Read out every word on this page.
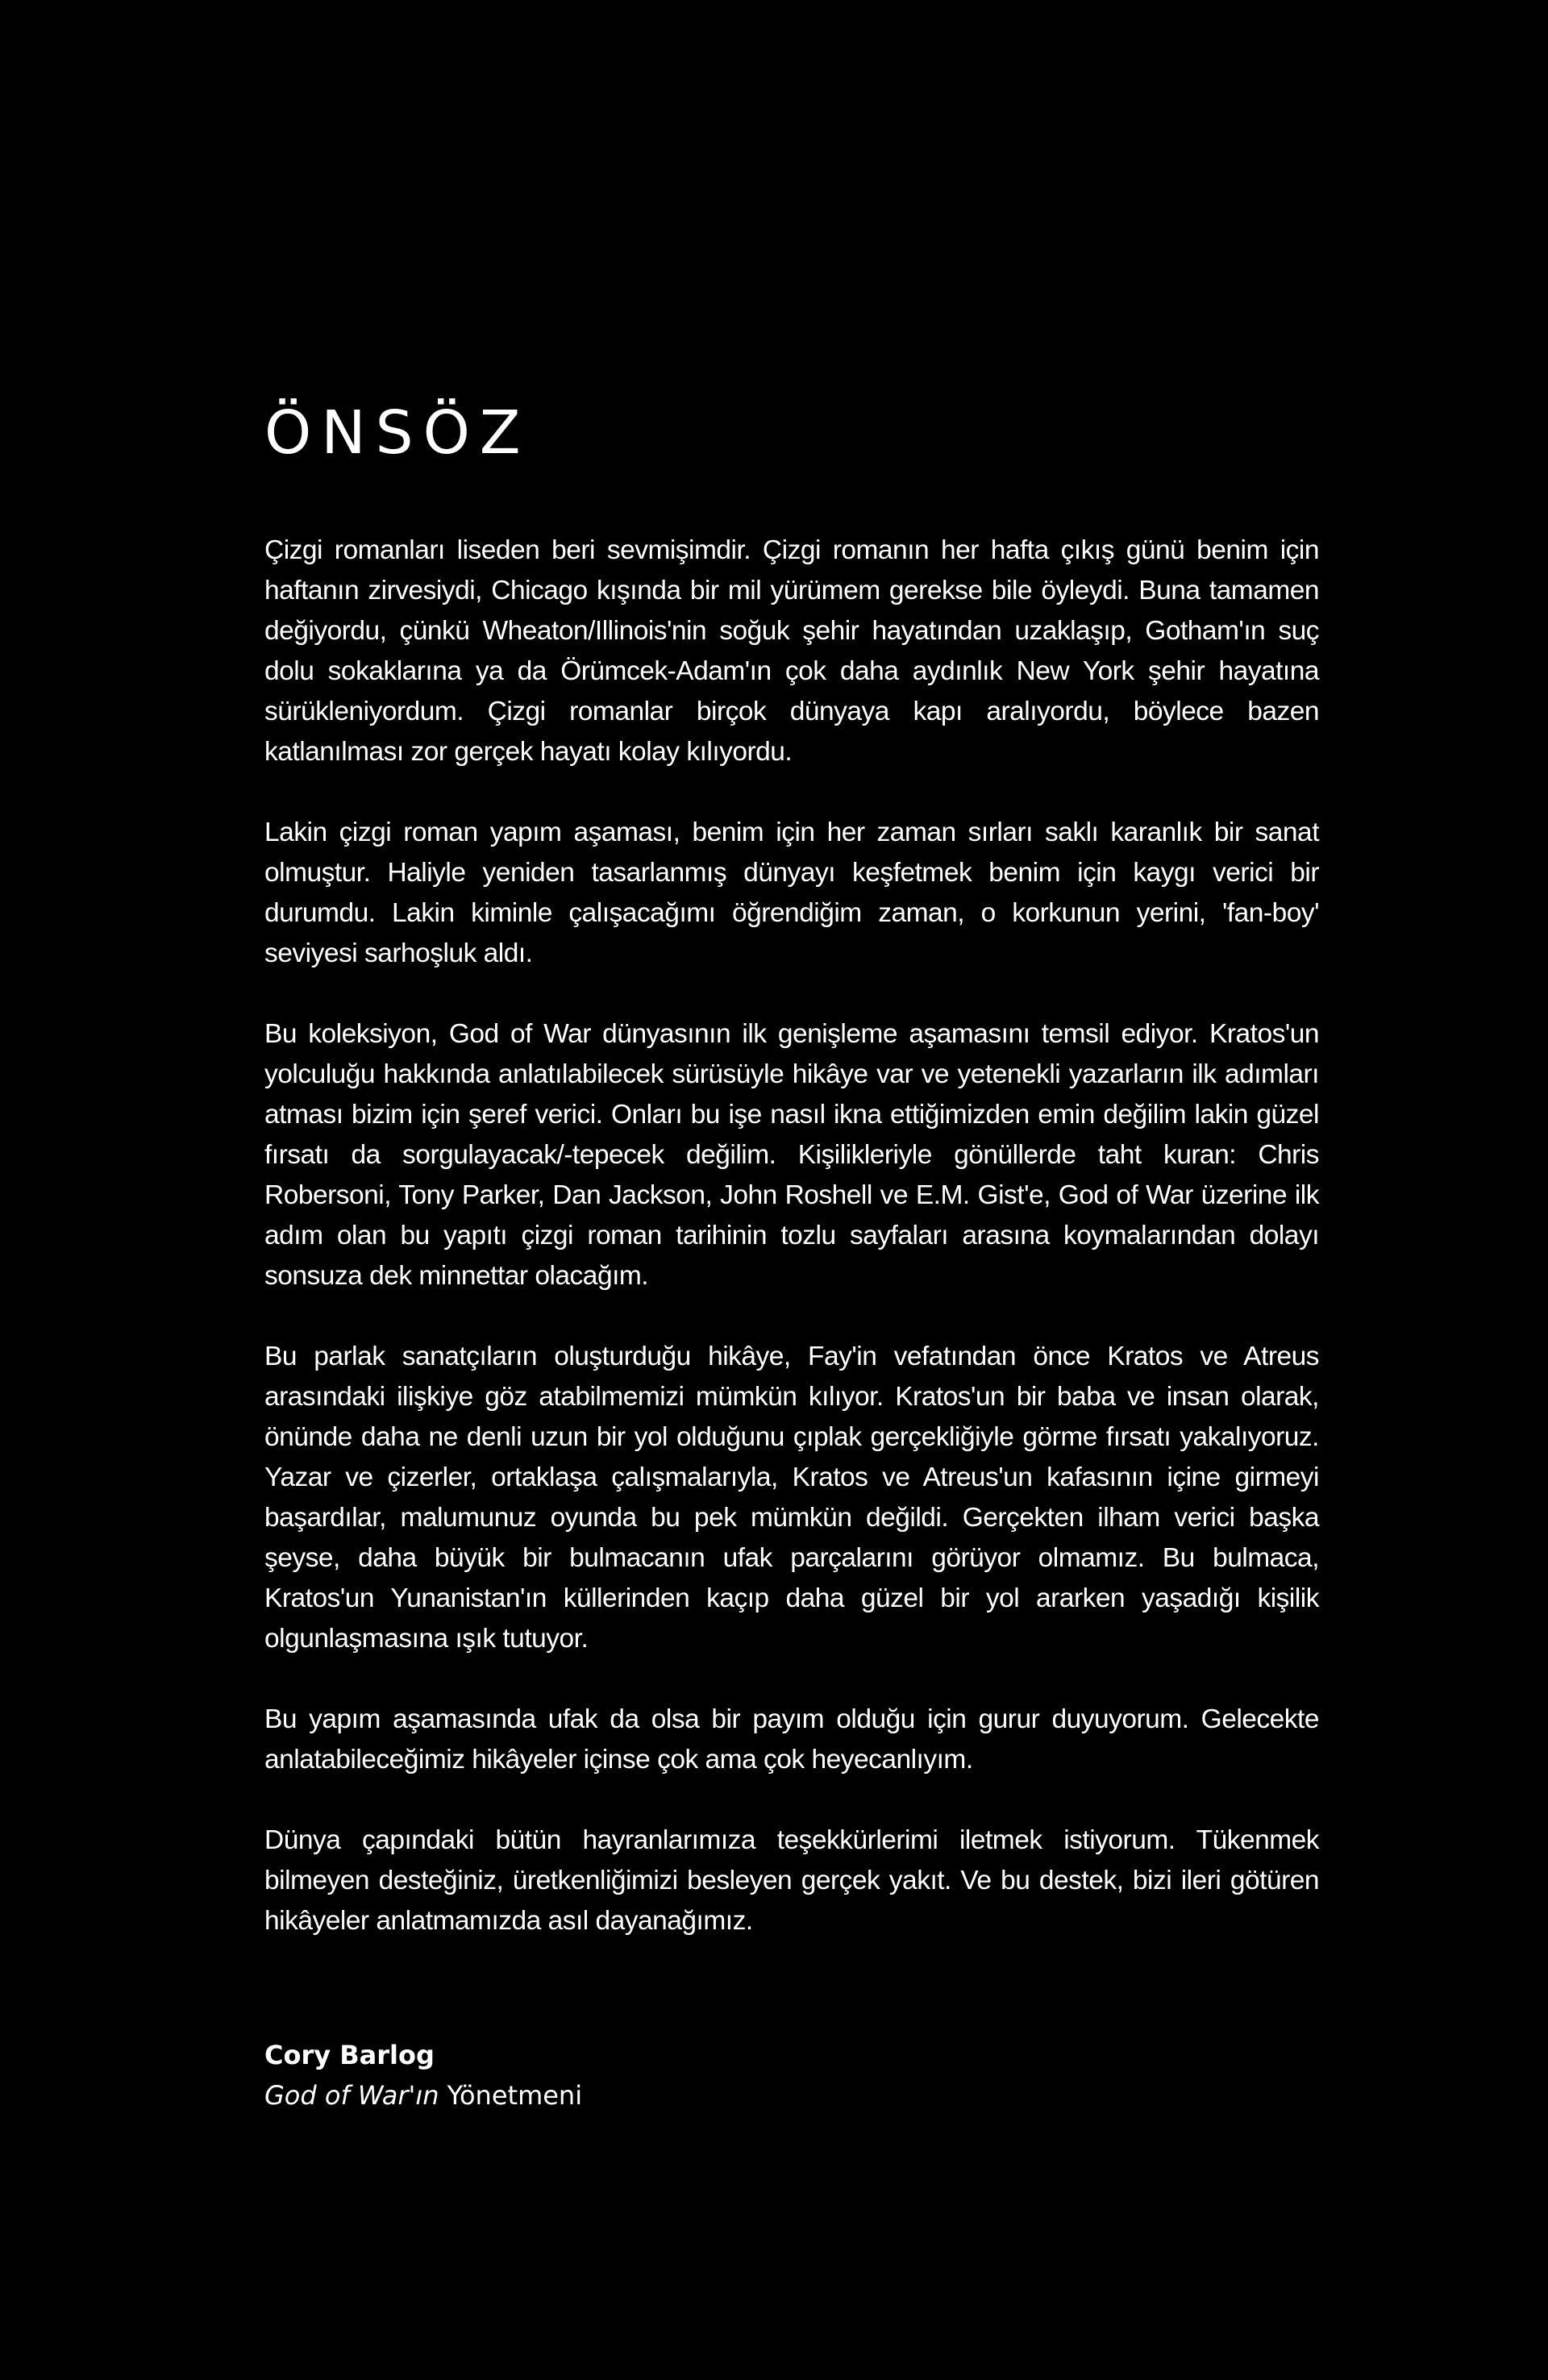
ÖNSÖZ

Çizgi romanları liseden beri sevmişimdir. Çizgi romanın her hafta çıkış günü benim için haftanın zirvesiydi, Chicago kışında bir mil yürümem gerekse bile öyleydi. Buna tamamen değiyordu, çünkü Wheaton/Illinois'nin soğuk şehir hayatından uzaklaşıp, Gotham'ın suç dolu sokaklarına ya da Örümcek-Adam'ın çok daha aydınlık New York şehir hayatına sürükleniyordum. Çizgi romanlar birçok dünyaya kapı aralıyordu, böylece bazen katlanılması zor gerçek hayatı kolay kılıyordu.

Lakin çizgi roman yapım aşaması, benim için her zaman sırları saklı karanlık bir sanat olmuştur. Haliyle yeniden tasarlanmış dünyayı keşfetmek benim için kaygı verici bir durumdu. Lakin kiminle çalışacağımı öğrendiğim zaman, o korkunun yerini, 'fan-boy' seviyesi sarhoşluk aldı.

Bu koleksiyon, God of War dünyasının ilk genişleme aşamasını temsil ediyor. Kratos'un yolculuğu hakkında anlatılabilecek sürüsüyle hikâye var ve yetenekli yazarların ilk adımları atması bizim için şeref verici. Onları bu işe nasıl ikna ettiğimizden emin değilim lakin güzel fırsatı da sorgulayacak/-tepecek değilim. Kişilikleriyle gönüllerde taht kuran: Chris Robersoni, Tony Parker, Dan Jackson, John Roshell ve E.M. Gist'e, God of War üzerine ilk adım olan bu yapıtı çizgi roman tarihinin tozlu sayfaları arasına koymalarından dolayı sonsuza dek minnettar olacağım.

Bu parlak sanatçıların oluşturduğu hikâye, Fay'in vefatından önce Kratos ve Atreus arasındaki ilişkiye göz atabilmemizi mümkün kılıyor. Kratos'un bir baba ve insan olarak, önünde daha ne denli uzun bir yol olduğunu çıplak gerçekliğiyle görme fırsatı yakalıyoruz. Yazar ve çizerler, ortaklaşa çalışmalarıyla, Kratos ve Atreus'un kafasının içine girmeyi başardılar, malumunuz oyunda bu pek mümkün değildi. Gerçekten ilham verici başka şeyse, daha büyük bir bulmacanın ufak parçalarını görüyor olmamız. Bu bulmaca, Kratos'un Yunanistan'ın küllerinden kaçıp daha güzel bir yol ararken yaşadığı kişilik olgunlaşmasına ışık tutuyor.

Bu yapım aşamasında ufak da olsa bir payım olduğu için gurur duyuyorum. Gelecekte anlatabileceğimiz hikâyeler içinse çok ama çok heyecanlıyım.

Dünya çapındaki bütün hayranlarımıza teşekkürlerimi iletmek istiyorum. Tükenmek bilmeyen desteğiniz, üretkenliğimizi besleyen gerçek yakıt. Ve bu destek, bizi ileri götüren hikâyeler anlatmamızda asıl dayanağımız.

Cory Barlog
God of War'ın Yönetmeni
